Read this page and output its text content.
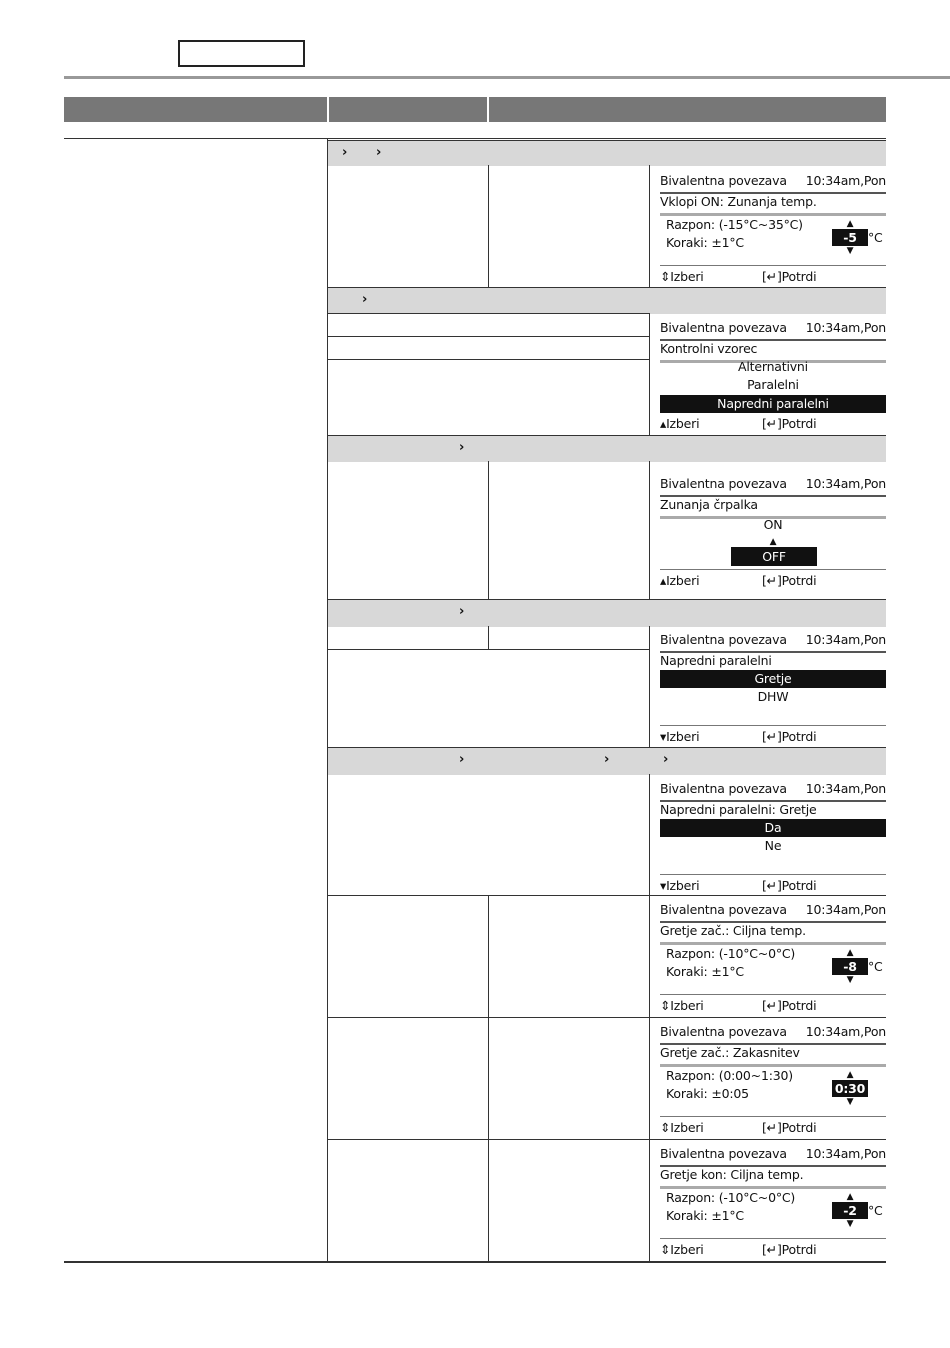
› ›
›
›
›
›	›	›
Bivalentna povezava 10:34am,Pon
Vklopi ON: Zunanja temp.
Razpon: (-15°C~35°C)
Koraki: ±1°C
▲
-5 °C
▼
⇕Izberi	[↵]Potrdi
Bivalentna povezava 10:34am,Pon
Kontrolni vzorec
Alternativni
Paralelni
Napredni paralelni
▴Izberi	[↵]Potrdi
Bivalentna povezava 10:34am,Pon
Zunanja črpalka
ON
▲
OFF
▴Izberi	[↵]Potrdi
Bivalentna povezava 10:34am,Pon
Napredni paralelni
Gretje
DHW
▾Izberi	[↵]Potrdi
Bivalentna povezava 10:34am,Pon
Napredni paralelni: Gretje
Da
Ne
▾Izberi	[↵]Potrdi
Bivalentna povezava 10:34am,Pon
Gretje zač.: Ciljna temp.
Razpon: (-10°C~0°C)
Koraki: ±1°C
▲
-8 °C
▼
⇕Izberi	[↵]Potrdi
Bivalentna povezava 10:34am,Pon
Gretje zač.: Zakasnitev
Razpon: (0:00~1:30)
Koraki: ±0:05
▲
0:30
▼
⇕Izberi	[↵]Potrdi
Bivalentna povezava 10:34am,Pon
Gretje kon: Ciljna temp.
Razpon: (-10°C~0°C)
Koraki: ±1°C
▲
-2 °C
▼
⇕Izberi	[↵]Potrdi
